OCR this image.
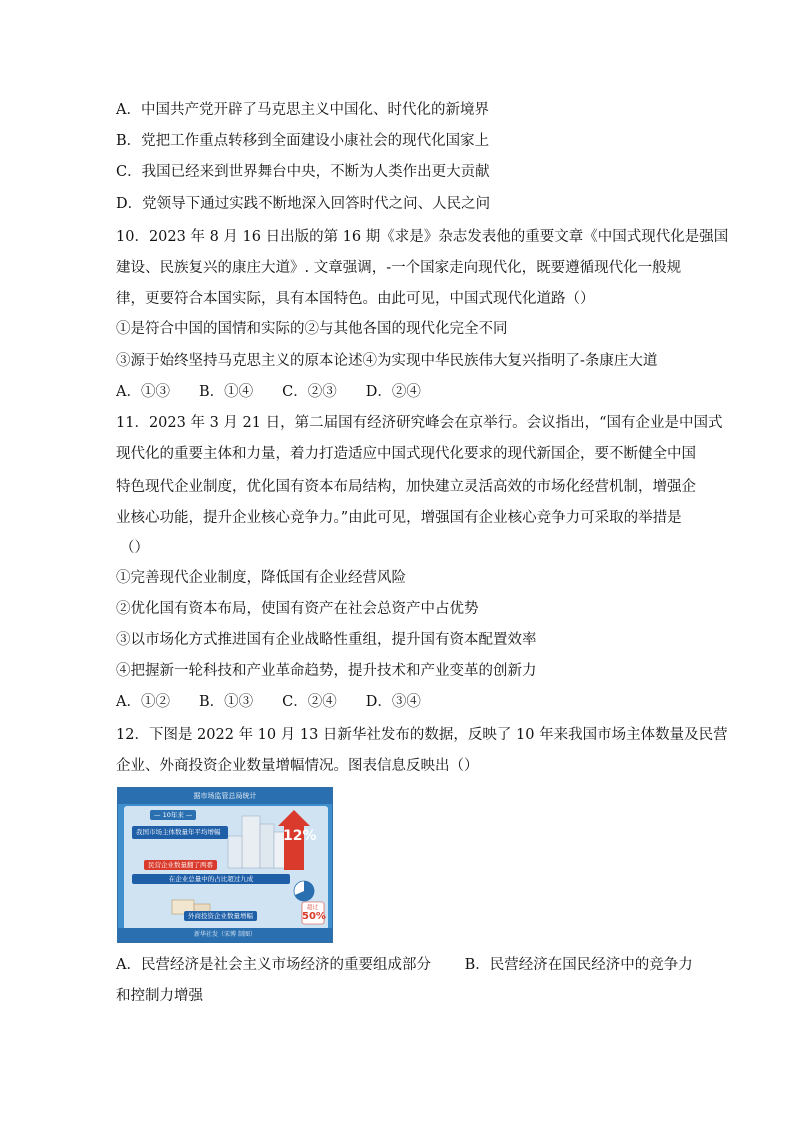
A．中国共产党开辟了马克思主义中国化、时代化的新境界
B．党把工作重点转移到全面建设小康社会的现代化国家上
C．我国已经来到世界舞台中央，不断为人类作出更大贡献
D．党领导下通过实践不断地深入回答时代之问、人民之问
10．2023 年 8 月 16 日出版的第 16 期《求是》杂志发表他的重要文章《中国式现代化是强国
建设、民族复兴的康庄大道》. 文章强调，-一个国家走向现代化，既要遵循现代化一般规
律，更要符合本国实际，具有本国特色。由此可见，中国式现代化道路（）
①是符合中国的国情和实际的②与其他各国的现代化完全不同
③源于始终坚持马克思主义的原本论述④为实现中华民族伟大复兴指明了-条康庄大道
A．①③　　B．①④　　C．②③　　D．②④
11．2023 年 3 月 21 日，第二届国有经济研究峰会在京举行。会议指出，“国有企业是中国式
现代化的重要主体和力量，着力打造适应中国式现代化要求的现代新国企，要不断健全中国
特色现代企业制度，优化国有资本布局结构，加快建立灵活高效的市场化经营机制，增强企
业核心功能，提升企业核心竞争力。”由此可见，增强国有企业核心竞争力可采取的举措是
（）
①完善现代企业制度，降低国有企业经营风险
②优化国有资本布局，使国有资产在社会总资产中占优势
③以市场化方式推进国有企业战略性重组，提升国有资本配置效率
④把握新一轮科技和产业革命趋势，提升技术和产业变革的创新力
A．①②　　B．①③　　C．②④　　D．③④
12．下图是 2022 年 10 月 13 日新华社发布的数据，反映了 10 年来我国市场主体数量及民营
企业、外商投资企业数量增幅情况。图表信息反映出（）
据市场监管总局统计
— 10年来 —
我国市场主体数量年平均增幅	12%
民营企业数量翻了两番
在企业总量中的占比超过九成
外商投资企业数量增幅
超过
50%
新华社发（宋博 制图）
A．民营经济是社会主义市场经济的重要组成部分　　 B．民营经济在国民经济中的竞争力
和控制力增强
